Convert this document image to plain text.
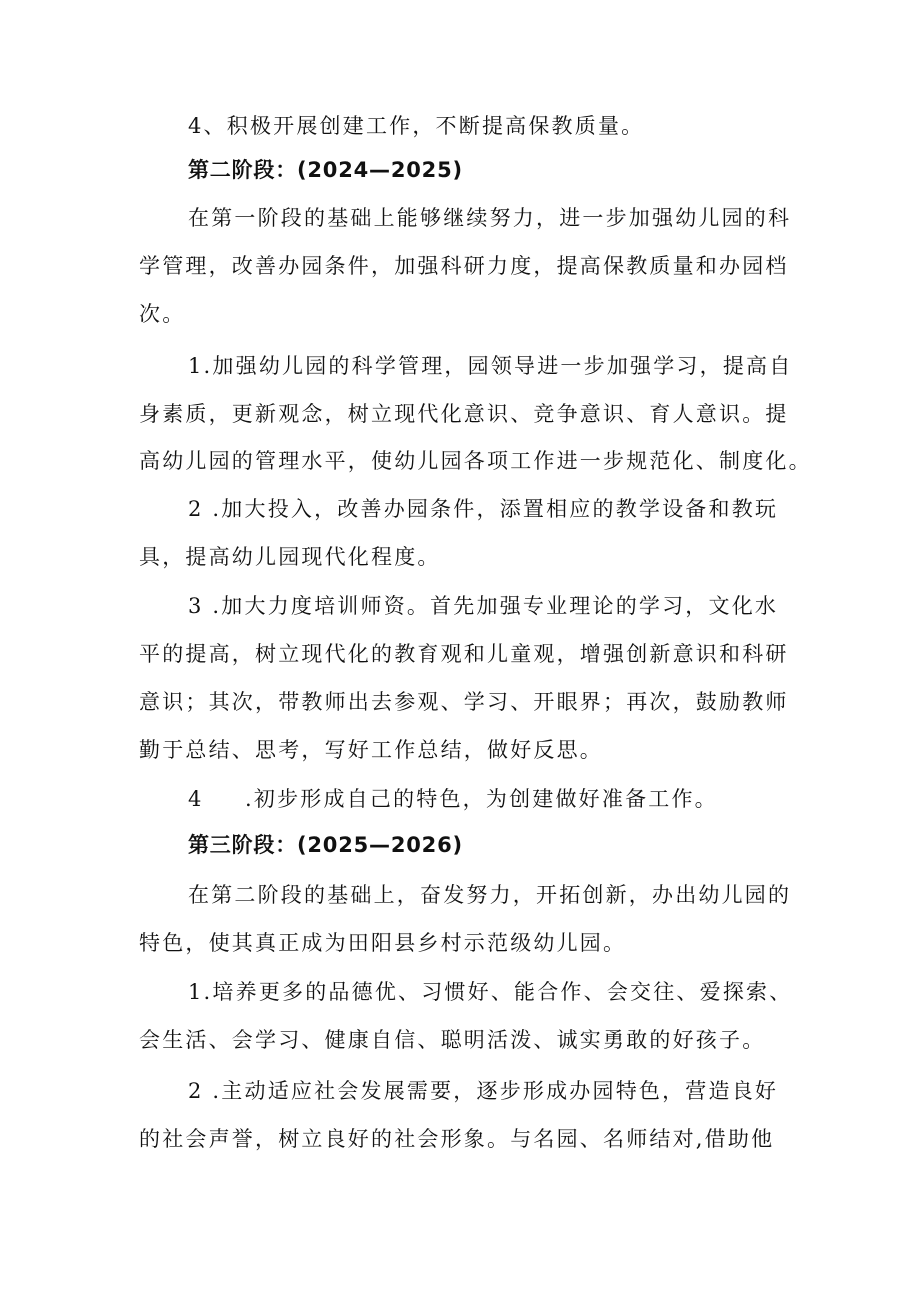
4、积极开展创建工作，不断提高保教质量。
第二阶段：(2024—2025)
在第一阶段的基础上能够继续努力，进一步加强幼儿园的科
学管理，改善办园条件，加强科研力度，提高保教质量和办园档
次。
1.加强幼儿园的科学管理，园领导进一步加强学习，提高自
身素质，更新观念，树立现代化意识、竞争意识、育人意识。提
高幼儿园的管理水平，使幼儿园各项工作进一步规范化、制度化。
2 .加大投入，改善办园条件，添置相应的教学设备和教玩
具，提高幼儿园现代化程度。
3 .加大力度培训师资。首先加强专业理论的学习，文化水
平的提高，树立现代化的教育观和儿童观，增强创新意识和科研
意识；其次，带教师出去参观、学习、开眼界；再次，鼓励教师
勤于总结、思考，写好工作总结，做好反思。
4 .初步形成自己的特色，为创建做好准备工作。
第三阶段：(2025—2026)
在第二阶段的基础上，奋发努力，开拓创新，办出幼儿园的
特色，使其真正成为田阳县乡村示范级幼儿园。
1.培养更多的品德优、习惯好、能合作、会交往、爱探索、
会生活、会学习、健康自信、聪明活泼、诚实勇敢的好孩子。
2 .主动适应社会发展需要，逐步形成办园特色，营造良好
的社会声誉，树立良好的社会形象。与名园、名师结对,借助他
